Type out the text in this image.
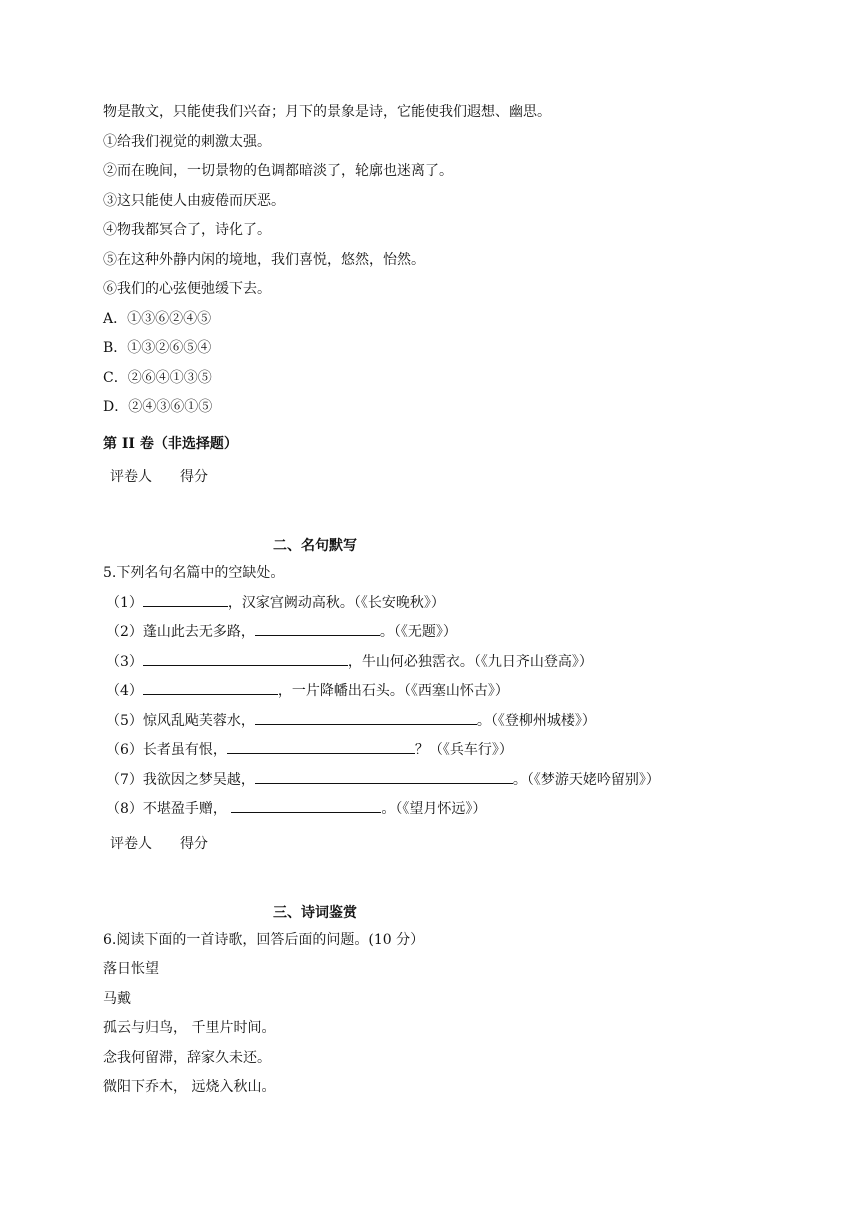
物是散文，只能使我们兴奋；月下的景象是诗，它能使我们遐想、幽思。
①给我们视觉的刺激太强。
②而在晚间，一切景物的色调都暗淡了，轮廓也迷离了。
③这只能使人由疲倦而厌恶。
④物我都冥合了，诗化了。
⑤在这种外静内闲的境地，我们喜悦，悠然，怡然。
⑥我们的心弦便弛缓下去。
A．①③⑥②④⑤
B．①③②⑥⑤④
C．②⑥④①③⑤
D．②④③⑥①⑤
第 II 卷（非选择题）
评卷人 得分
二、名句默写
5.下列名句名篇中的空缺处。
（1）	，汉家宫阙动高秋。（《长安晚秋》）
（2）蓬山此去无多路，	。（《无题》）
（3）	，牛山何必独霑衣。（《九日齐山登高》）
（4）	，一片降幡出石头。（《西塞山怀古》）
（5）惊风乱飐芙蓉水，	。（《登柳州城楼》）
（6）长者虽有恨，	？（《兵车行》）
（7）我欲因之梦吴越，	。（《梦游天姥吟留别》）
（8）不堪盈手赠，	。（《望月怀远》）
评卷人 得分
三、诗词鉴赏
6.阅读下面的一首诗歌，回答后面的问题。(10 分）
落日怅望
马戴
孤云与归鸟， 千里片时间。
念我何留滞，辞家久未还。
微阳下乔木， 远烧入秋山。
